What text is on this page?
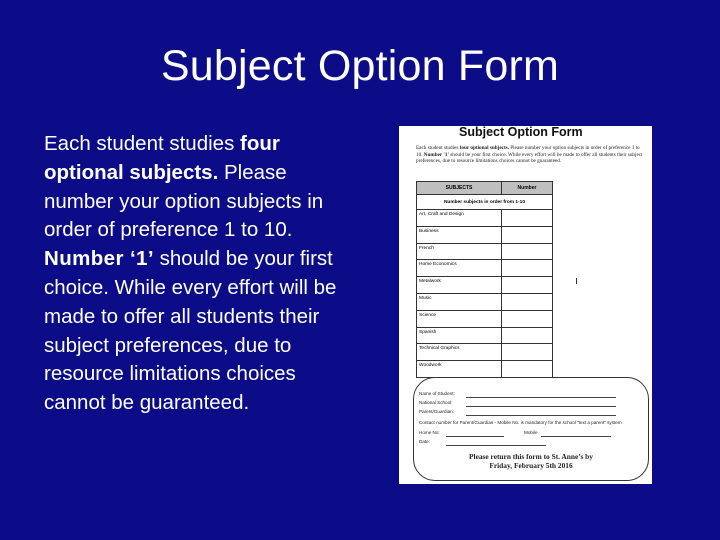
Subject Option Form
Each student studies four optional subjects. Please number your option subjects in order of preference 1 to 10. Number ‘1’ should be your first choice. While every effort will be made to offer all students their subject preferences, due to resource limitations choices cannot be guaranteed.
Subject Option Form
Each student studies four optional subjects. Please number your option subjects in order of preference 1 to 10. Number '1' should be your first choice. While every effort will be made to offer all students their subject preferences, due to resource limitations choices cannot be guaranteed.
SUBJECTS	Number
Number subjects in order from 1-10	
Art, Craft and Design	
Business	
French	
Home Economics	
Metalwork	
Music	
Science	
Spanish	
Technical Graphics	
Woodwork	
Name of Student:
National School:
Parent/Guardian:
Contact number for Parent/Guardian - Mobile No. is mandatory for the school "text a parent" system
Home No:	Mobile
Date:
Please return this form to St. Anne’s by
Friday, February 5th 2016
